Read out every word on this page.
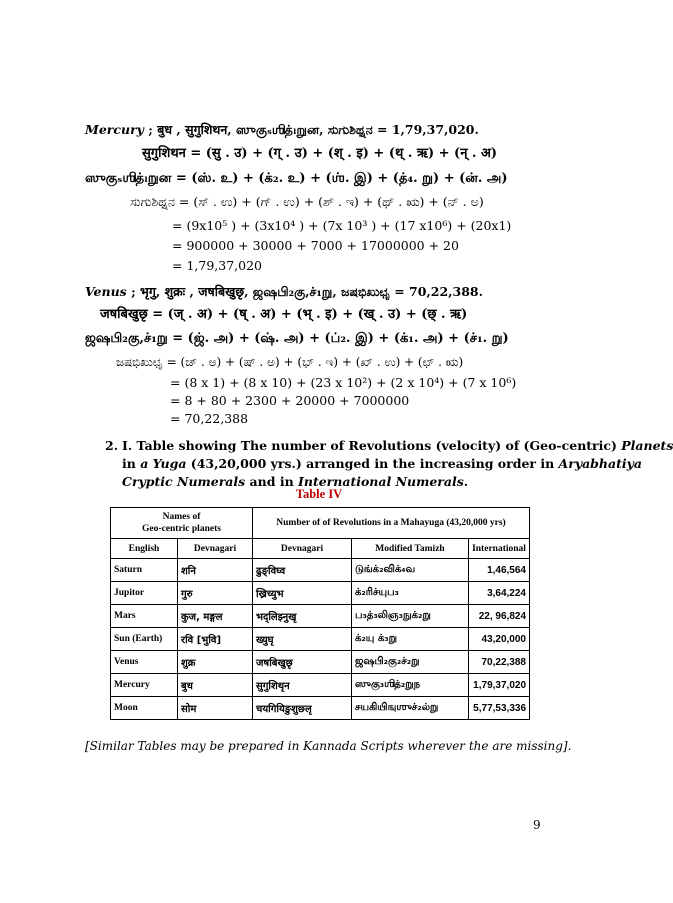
Mercury ; बुध , सुगुशिथन, ஸுகுₛஶித்ₗறுன, ಸುಗುಶಿಥ್ನನ = 1,79,37,020.
सुगुशिथन = (सु . उ) + (ग् . उ) + (श् . इ) + (थ् . ऋ) + (न् . अ)
ஸுகுₛஶித்ₗறுன = (ஸ். உ) + (க்₂. உ) + (ஶ். இ) + (த்₄. று) + (ன். அ)
ಸುಗುಶಿಥ್ನನ = (ಸ್ . ಉ) + (ಗ್ . ಉ) + (ಶ್ . ಇ) + (ಥ್ . ಋ) + (ನ್ . ಅ)
= (9x10⁵ ) + (3x10⁴ ) + (7x 10³ ) + (17 x10⁶) + (20x1)
= 900000 + 30000 + 7000 + 17000000 + 20
= 1,79,37,020
Venus ; भृगु, शुक्रः , जषबिखुछृ, ஜஷபி₂கு,ச்₁று, ಜಷಭಿಖುಛೃ = 70,22,388.
जषबिखुछृ = (ज् . अ) + (ष् . अ) + (भ् . इ) + (ख् . उ) + (छ् . ऋ)
ஜஷபி₂கு,ச்₁று = (ஜ். அ) + (ஷ். அ) + (ப்₂. இ) + (க்₁. அ) + (ச்₁. று)
ಜಷಭಿಖುಛೃ = (ಜ್ . ಅ) + (ಷ್ . ಅ) + (ಭ್ . ಇ) + (ಖ್ . ಉ) + (ಛ್ . ಋ)
= (8 x 1) + (8 x 10) + (23 x 10²) + (2 x 10⁴) + (7 x 10⁶)
= 8 + 80 + 2300 + 20000 + 7000000
= 70,22,388
2. I. Table showing The number of Revolutions (velocity) of (Geo-centric) Planets
in a Yuga (43,20,000 yrs.) arranged in the increasing order in Aryabhatiya
Cryptic Numerals and in International Numerals.
Table IV
Names of
Geo-centric planets		Number of of Revolutions in a Mahayuga (43,20,000 yrs)		
English	Devnagari	Devnagari	Modified Tamizh	International
Saturn	शनि	ढुङ्विघ्व	டுங்க்₂விக்₄வ	1,46,564
Jupitor	गुरु	ख्रिच्युभ	க்₂ரிச்யுப₃	3,64,224
Mars	कुज, मङ्गल	भद्लिझ्नुखृ	ப₃த்₃லிஞ₃நுக்₂று	22, 96,824
Sun (Earth)	रवि [भुवि]	ख्युघृ	க்₂யு க்₃று	43,20,000
Venus	शुक्र	जषबिखुछृ	ஜஷபி₂கு₂ச்₂று	70,22,388
Mercury	बुध	सुगुशिथृन	ஸுகு₃ஶித்₂றுந	1,79,37,020
Moon	सोम	चयगियिङुशुछ्लृ	சயகியிஙுஶுச்₂ல்று	5,77,53,336
[Similar Tables may be prepared in Kannada Scripts wherever the are missing].
9
